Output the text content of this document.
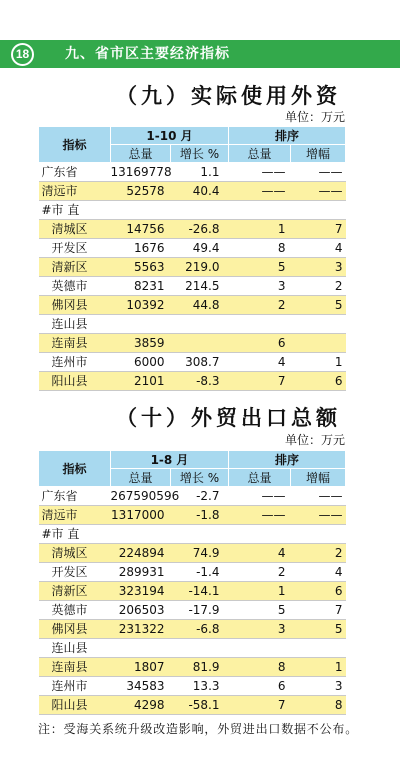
18	九、省市区主要经济指标
（九）实际使用外资
单位：万元
指标	1-10 月		排序	
	总量	增长 %	总量	增幅
广东省	13169778	1.1	——	——
清远市	52578	40.4	——	——
#市 直				
清城区	14756	-26.8	1	7
开发区	1676	49.4	8	4
清新区	5563	219.0	5	3
英德市	8231	214.5	3	2
佛冈县	10392	44.8	2	5
连山县				
连南县	3859		6	
连州市	6000	308.7	4	1
阳山县	2101	-8.3	7	6
（十）外贸出口总额
单位：万元
指标	1-8 月		排序	
	总量	增长 %	总量	增幅
广东省	267590596	-2.7	——	——
清远市	1317000	-1.8	——	——
#市 直				
清城区	224894	74.9	4	2
开发区	289931	-1.4	2	4
清新区	323194	-14.1	1	6
英德市	206503	-17.9	5	7
佛冈县	231322	-6.8	3	5
连山县				
连南县	1807	81.9	8	1
连州市	34583	13.3	6	3
阳山县	4298	-58.1	7	8
注：受海关系统升级改造影响，外贸进出口数据不公布。
